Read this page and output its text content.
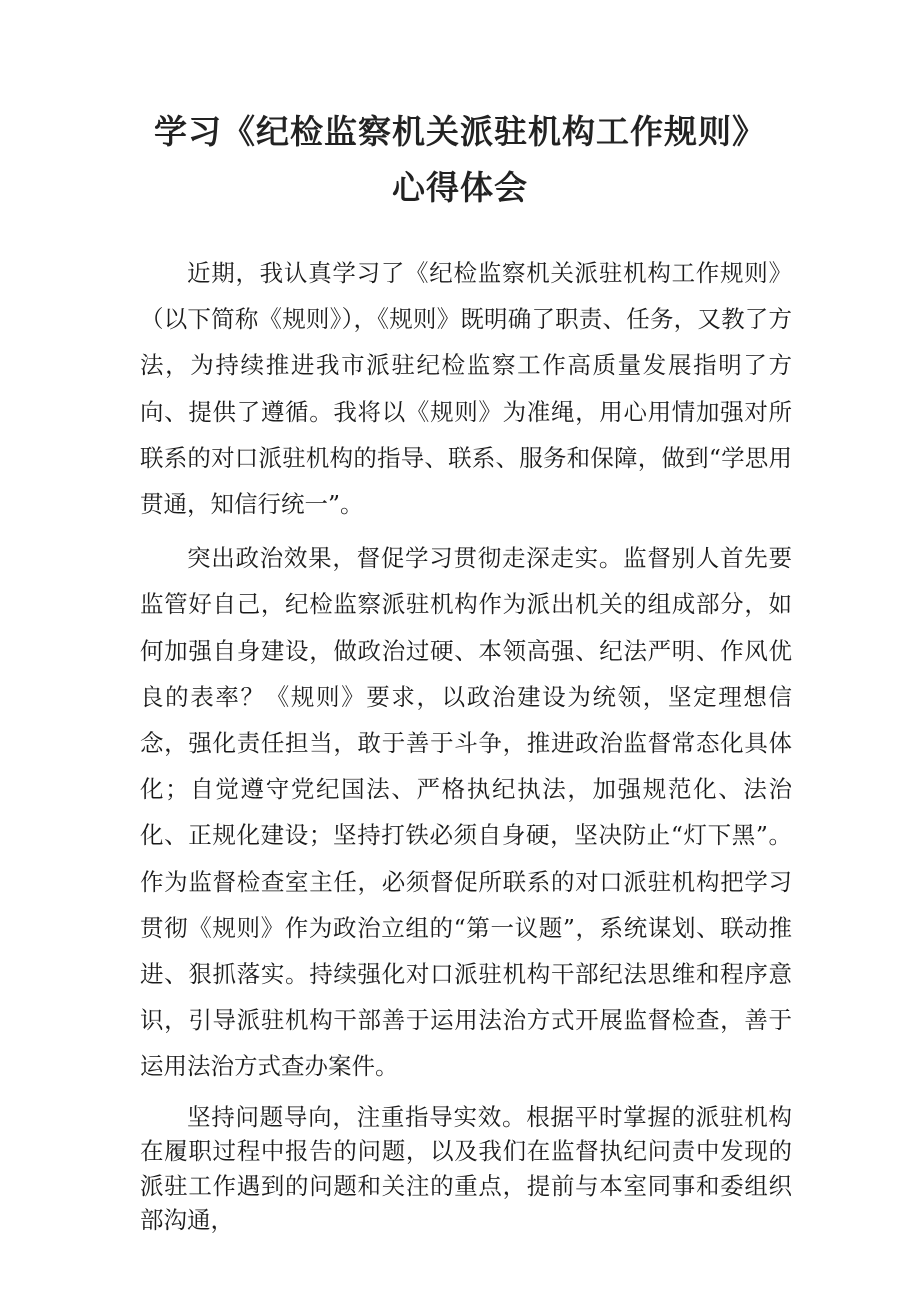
学习《纪检监察机关派驻机构工作规则》
心得体会

近期，我认真学习了《纪检监察机关派驻机构工作规则》（以下简称《规则》），《规则》既明确了职责、任务，又教了方法，为持续推进我市派驻纪检监察工作高质量发展指明了方向、提供了遵循。我将以《规则》为准绳，用心用情加强对所联系的对口派驻机构的指导、联系、服务和保障，做到“学思用贯通，知信行统一”。

突出政治效果，督促学习贯彻走深走实。监督别人首先要监管好自己，纪检监察派驻机构作为派出机关的组成部分，如何加强自身建设，做政治过硬、本领高强、纪法严明、作风优良的表率？《规则》要求，以政治建设为统领，坚定理想信念，强化责任担当，敢于善于斗争，推进政治监督常态化具体化；自觉遵守党纪国法、严格执纪执法，加强规范化、法治化、正规化建设；坚持打铁必须自身硬，坚决防止“灯下黑”。作为监督检查室主任，必须督促所联系的对口派驻机构把学习贯彻《规则》作为政治立组的“第一议题”，系统谋划、联动推进、狠抓落实。持续强化对口派驻机构干部纪法思维和程序意识，引导派驻机构干部善于运用法治方式开展监督检查，善于运用法治方式查办案件。

坚持问题导向，注重指导实效。根据平时掌握的派驻机构在履职过程中报告的问题，以及我们在监督执纪问责中发现的派驻工作遇到的问题和关注的重点，提前与本室同事和委组织部沟通，
